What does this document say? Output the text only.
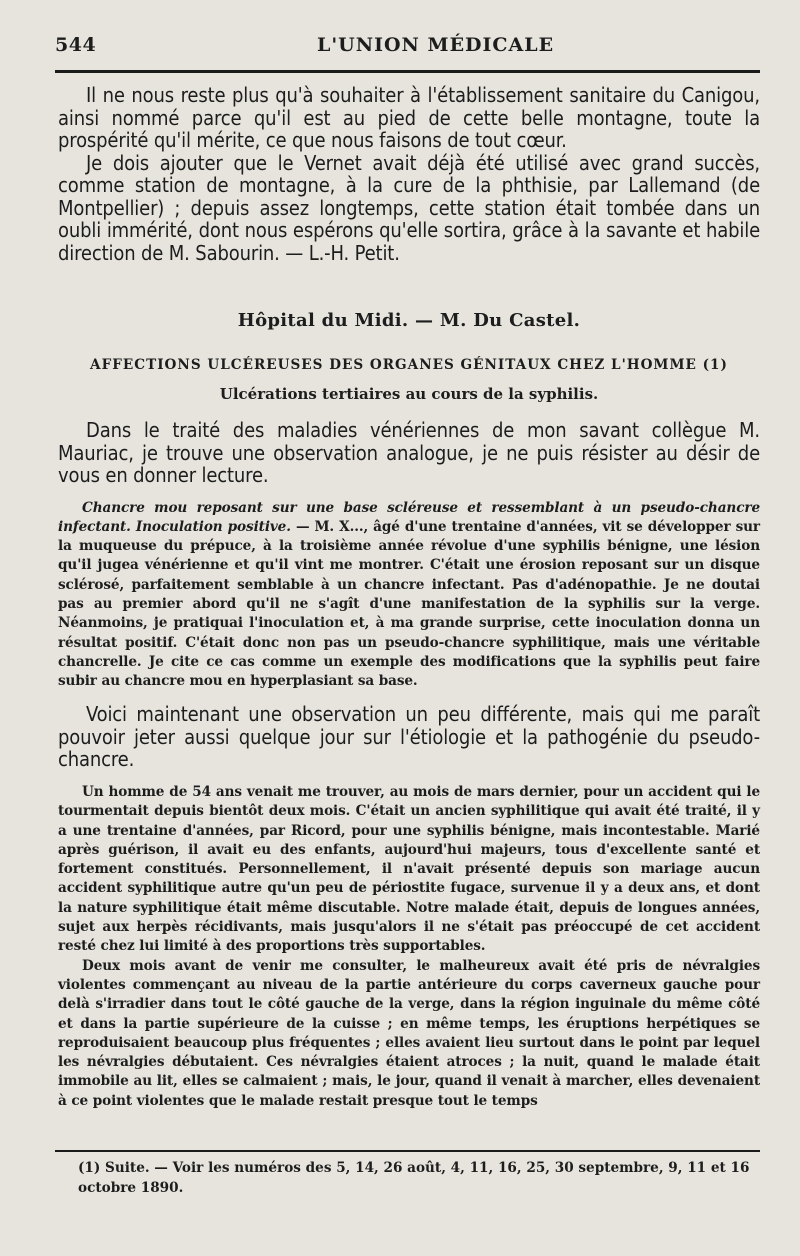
544	L'UNION MÉDICALE

Il ne nous reste plus qu'à souhaiter à l'établissement sanitaire du Canigou, ainsi nommé parce qu'il est au pied de cette belle montagne, toute la prospérité qu'il mérite, ce que nous faisons de tout cœur.

Je dois ajouter que le Vernet avait déjà été utilisé avec grand succès, comme station de montagne, à la cure de la phthisie, par Lallemand (de Montpellier) ; depuis assez longtemps, cette station était tombée dans un oubli immérité, dont nous espérons qu'elle sortira, grâce à la savante et habile direction de M. Sabourin. — L.-H. Petit.

Hôpital du Midi. — M. Du Castel.
AFFECTIONS ULCÉREUSES DES ORGANES GÉNITAUX CHEZ L'HOMME (1)
Ulcérations tertiaires au cours de la syphilis.

Dans le traité des maladies vénériennes de mon savant collègue M. Mauriac, je trouve une observation analogue, je ne puis résister au désir de vous en donner lecture.

Chancre mou reposant sur une base scléreuse et ressemblant à un pseudo-chancre infectant. Inoculation positive. — M. X..., âgé d'une trentaine d'années, vit se développer sur la muqueuse du prépuce, à la troisième année révolue d'une syphilis bénigne, une lésion qu'il jugea vénérienne et qu'il vint me montrer. C'était une érosion reposant sur un disque sclérosé, parfaitement semblable à un chancre infectant. Pas d'adénopathie. Je ne doutai pas au premier abord qu'il ne s'agît d'une manifestation de la syphilis sur la verge. Néanmoins, je pratiquai l'inoculation et, à ma grande surprise, cette inoculation donna un résultat positif. C'était donc non pas un pseudo-chancre syphilitique, mais une véritable chancrelle. Je cite ce cas comme un exemple des modifications que la syphilis peut faire subir au chancre mou en hyperplasiant sa base.

Voici maintenant une observation un peu différente, mais qui me paraît pouvoir jeter aussi quelque jour sur l'étiologie et la pathogénie du pseudo-chancre.

Un homme de 54 ans venait me trouver, au mois de mars dernier, pour un accident qui le tourmentait depuis bientôt deux mois. C'était un ancien syphilitique qui avait été traité, il y a une trentaine d'années, par Ricord, pour une syphilis bénigne, mais incontestable. Marié après guérison, il avait eu des enfants, aujourd'hui majeurs, tous d'excellente santé et fortement constitués. Personnellement, il n'avait présenté depuis son mariage aucun accident syphilitique autre qu'un peu de périostite fugace, survenue il y a deux ans, et dont la nature syphilitique était même discutable. Notre malade était, depuis de longues années, sujet aux herpès récidivants, mais jusqu'alors il ne s'était pas préoccupé de cet accident resté chez lui limité à des proportions très supportables.

Deux mois avant de venir me consulter, le malheureux avait été pris de névralgies violentes commençant au niveau de la partie antérieure du corps caverneux gauche pour delà s'irradier dans tout le côté gauche de la verge, dans la région inguinale du même côté et dans la partie supérieure de la cuisse ; en même temps, les éruptions herpétiques se reproduisaient beaucoup plus fréquentes ; elles avaient lieu surtout dans le point par lequel les névralgies débutaient. Ces névralgies étaient atroces ; la nuit, quand le malade était immobile au lit, elles se calmaient ; mais, le jour, quand il venait à marcher, elles devenaient à ce point violentes que le malade restait presque tout le temps

(1) Suite. — Voir les numéros des 5, 14, 26 août, 4, 11, 16, 25, 30 septembre, 9, 11 et 16 octobre 1890.
